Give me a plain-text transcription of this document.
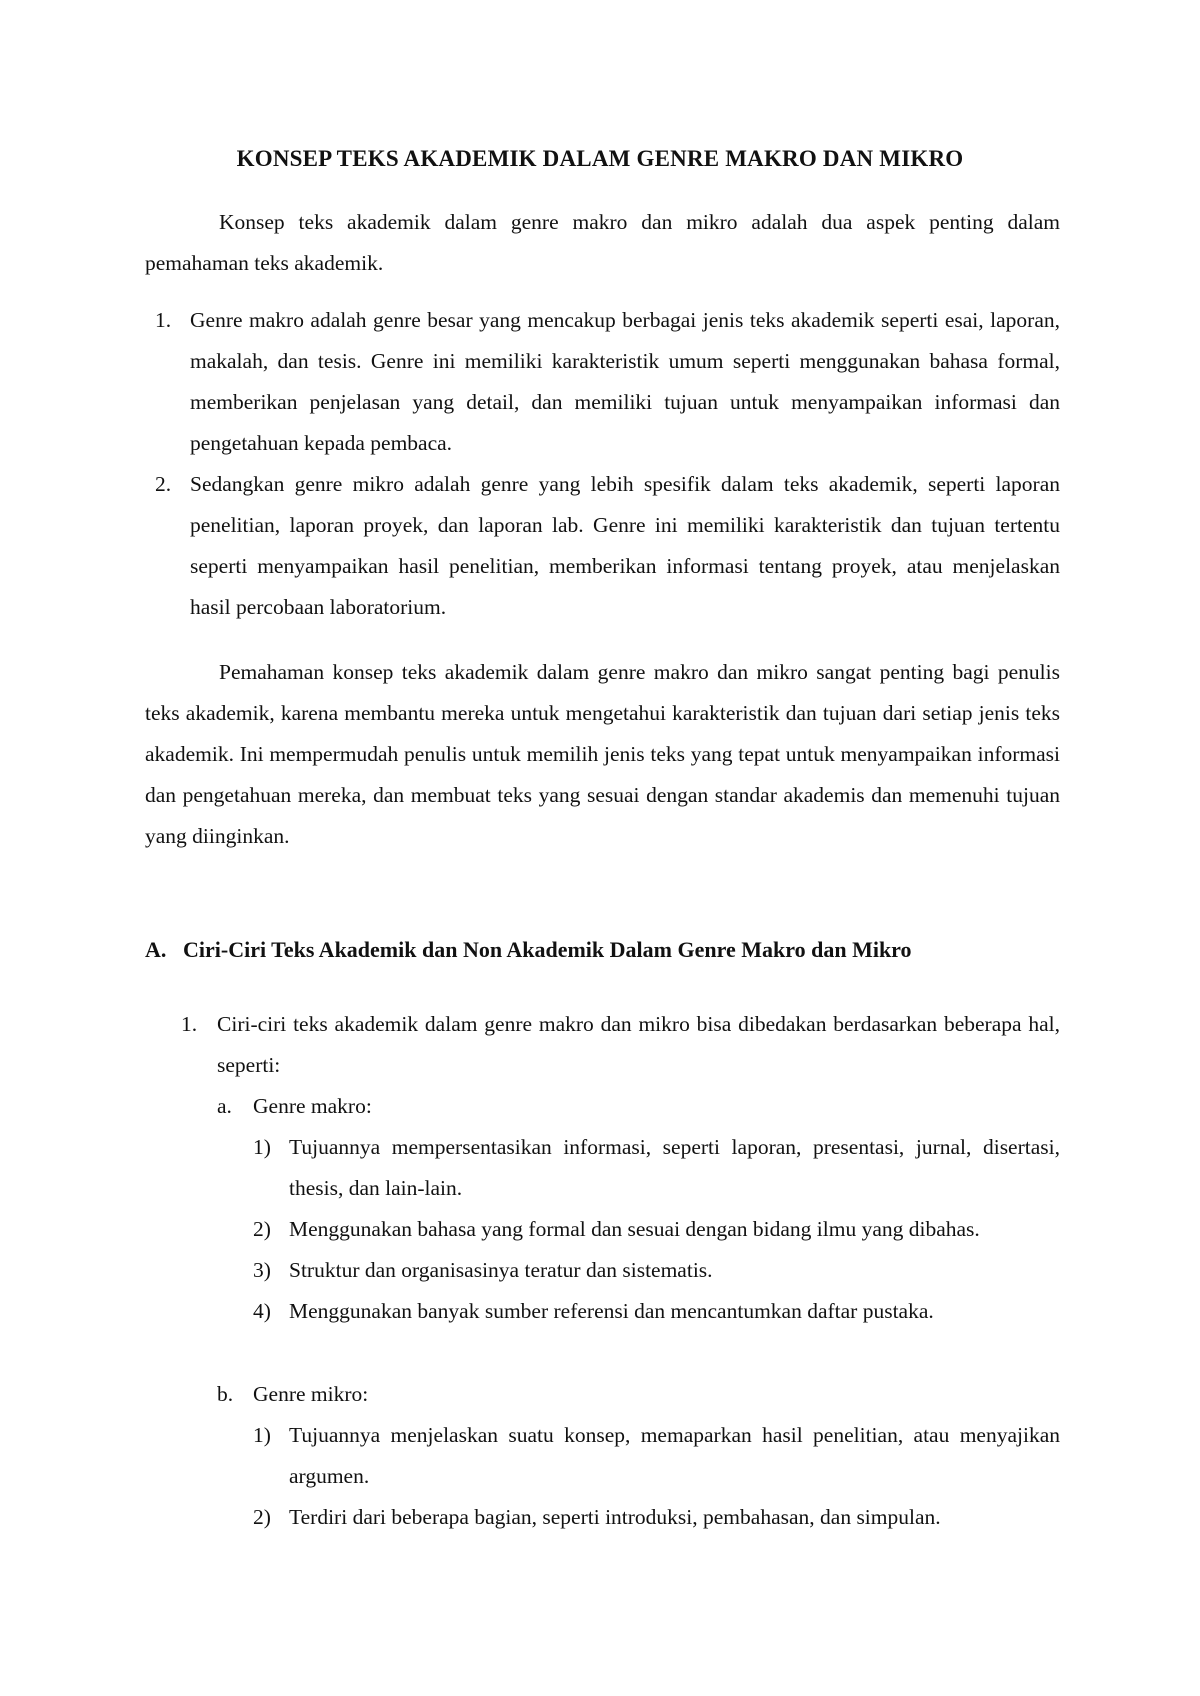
KONSEP TEKS AKADEMIK DALAM GENRE MAKRO DAN MIKRO
Konsep teks akademik dalam genre makro dan mikro adalah dua aspek penting dalam pemahaman teks akademik.
1. Genre makro adalah genre besar yang mencakup berbagai jenis teks akademik seperti esai, laporan, makalah, dan tesis. Genre ini memiliki karakteristik umum seperti menggunakan bahasa formal, memberikan penjelasan yang detail, dan memiliki tujuan untuk menyampaikan informasi dan pengetahuan kepada pembaca.
2. Sedangkan genre mikro adalah genre yang lebih spesifik dalam teks akademik, seperti laporan penelitian, laporan proyek, dan laporan lab. Genre ini memiliki karakteristik dan tujuan tertentu seperti menyampaikan hasil penelitian, memberikan informasi tentang proyek, atau menjelaskan hasil percobaan laboratorium.
Pemahaman konsep teks akademik dalam genre makro dan mikro sangat penting bagi penulis teks akademik, karena membantu mereka untuk mengetahui karakteristik dan tujuan dari setiap jenis teks akademik. Ini mempermudah penulis untuk memilih jenis teks yang tepat untuk menyampaikan informasi dan pengetahuan mereka, dan membuat teks yang sesuai dengan standar akademis dan memenuhi tujuan yang diinginkan.
A. Ciri-Ciri Teks Akademik dan Non Akademik Dalam Genre Makro dan Mikro
1. Ciri-ciri teks akademik dalam genre makro dan mikro bisa dibedakan berdasarkan beberapa hal, seperti:
a. Genre makro:
1) Tujuannya mempersentasikan informasi, seperti laporan, presentasi, jurnal, disertasi, thesis, dan lain-lain.
2) Menggunakan bahasa yang formal dan sesuai dengan bidang ilmu yang dibahas.
3) Struktur dan organisasinya teratur dan sistematis.
4) Menggunakan banyak sumber referensi dan mencantumkan daftar pustaka.
b. Genre mikro:
1) Tujuannya menjelaskan suatu konsep, memaparkan hasil penelitian, atau menyajikan argumen.
2) Terdiri dari beberapa bagian, seperti introduksi, pembahasan, dan simpulan.
